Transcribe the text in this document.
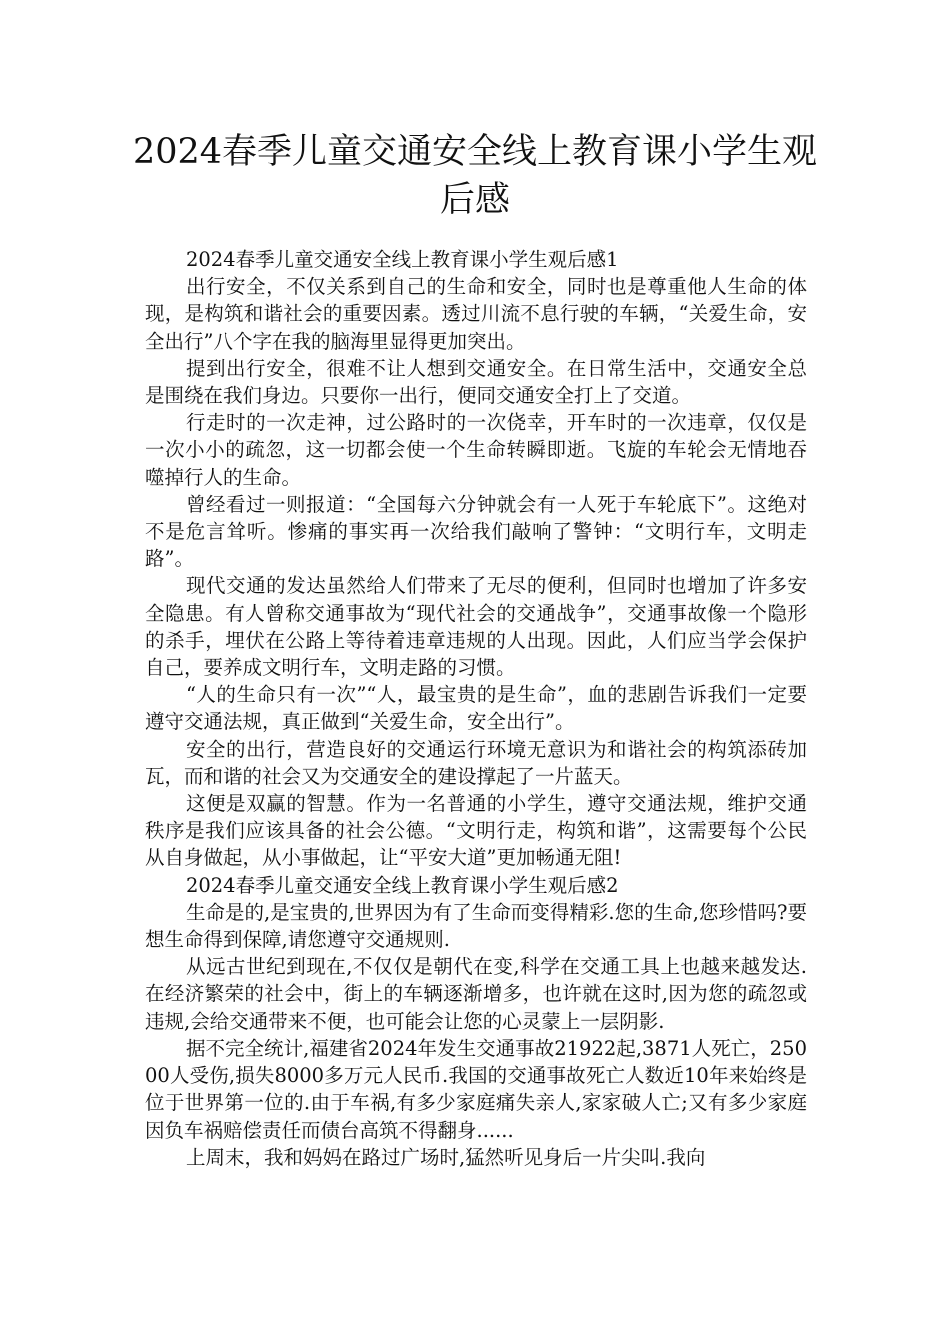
2024春季儿童交通安全线上教育课小学生观后感

2024春季儿童交通安全线上教育课小学生观后感1

出行安全，不仅关系到自己的生命和安全，同时也是尊重他人生命的体现，是构筑和谐社会的重要因素。透过川流不息行驶的车辆，“关爱生命，安全出行”八个字在我的脑海里显得更加突出。

提到出行安全，很难不让人想到交通安全。在日常生活中，交通安全总是围绕在我们身边。只要你一出行，便同交通安全打上了交道。

行走时的一次走神，过公路时的一次侥幸，开车时的一次违章，仅仅是一次小小的疏忽，这一切都会使一个生命转瞬即逝。飞旋的车轮会无情地吞噬掉行人的生命。

曾经看过一则报道：“全国每六分钟就会有一人死于车轮底下”。这绝对不是危言耸听。惨痛的事实再一次给我们敲响了警钟：“文明行车，文明走路”。

现代交通的发达虽然给人们带来了无尽的便利，但同时也增加了许多安全隐患。有人曾称交通事故为“现代社会的交通战争”，交通事故像一个隐形的杀手，埋伏在公路上等待着违章违规的人出现。因此，人们应当学会保护自己，要养成文明行车，文明走路的习惯。

“人的生命只有一次”“人，最宝贵的是生命”，血的悲剧告诉我们一定要遵守交通法规，真正做到“关爱生命，安全出行”。

安全的出行，营造良好的交通运行环境无意识为和谐社会的构筑添砖加瓦，而和谐的社会又为交通安全的建设撑起了一片蓝天。

这便是双赢的智慧。作为一名普通的小学生，遵守交通法规，维护交通秩序是我们应该具备的社会公德。“文明行走，构筑和谐”，这需要每个公民从自身做起，从小事做起，让“平安大道”更加畅通无阻!

2024春季儿童交通安全线上教育课小学生观后感2

生命是的,是宝贵的,世界因为有了生命而变得精彩.您的生命,您珍惜吗?要想生命得到保障,请您遵守交通规则.

从远古世纪到现在,不仅仅是朝代在变,科学在交通工具上也越来越发达.在经济繁荣的社会中，街上的车辆逐渐增多，也许就在这时,因为您的疏忽或违规,会给交通带来不便，也可能会让您的心灵蒙上一层阴影.

据不完全统计,福建省2024年发生交通事故21922起,3871人死亡，25000人受伤,损失8000多万元人民币.我国的交通事故死亡人数近10年来始终是位于世界第一位的.由于车祸,有多少家庭痛失亲人,家家破人亡;又有多少家庭因负车祸赔偿责任而债台高筑不得翻身......

上周末，我和妈妈在路过广场时,猛然听见身后一片尖叫.我向
